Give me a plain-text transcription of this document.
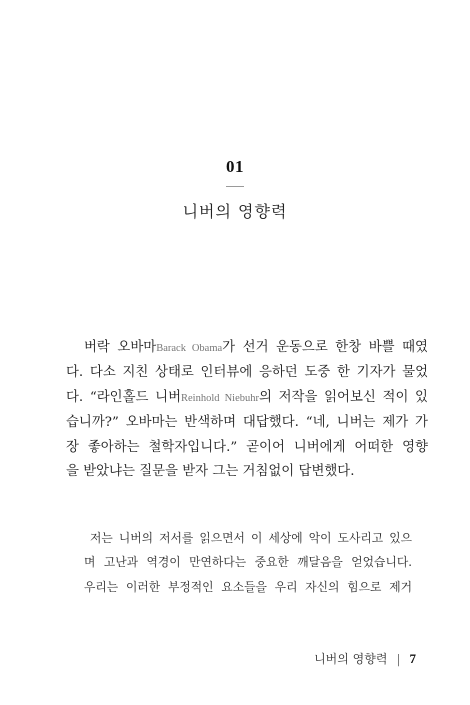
01
니버의 영향력
버락 오바마Barack Obama가 선거 운동으로 한창 바쁠 때였
다. 다소 지친 상태로 인터뷰에 응하던 도중 한 기자가 물었
다. “라인홀드 니버Reinhold Niebuhr의 저작을 읽어보신 적이 있
습니까?” 오바마는 반색하며 대답했다. “네, 니버는 제가 가
장 좋아하는 철학자입니다.” 곧이어 니버에게 어떠한 영향
을 받았냐는 질문을 받자 그는 거침없이 답변했다.
저는 니버의 저서를 읽으면서 이 세상에 악이 도사리고 있으
며 고난과 역경이 만연하다는 중요한 깨달음을 얻었습니다.
우리는 이러한 부정적인 요소들을 우리 자신의 힘으로 제거
니버의 영향력 | 7
